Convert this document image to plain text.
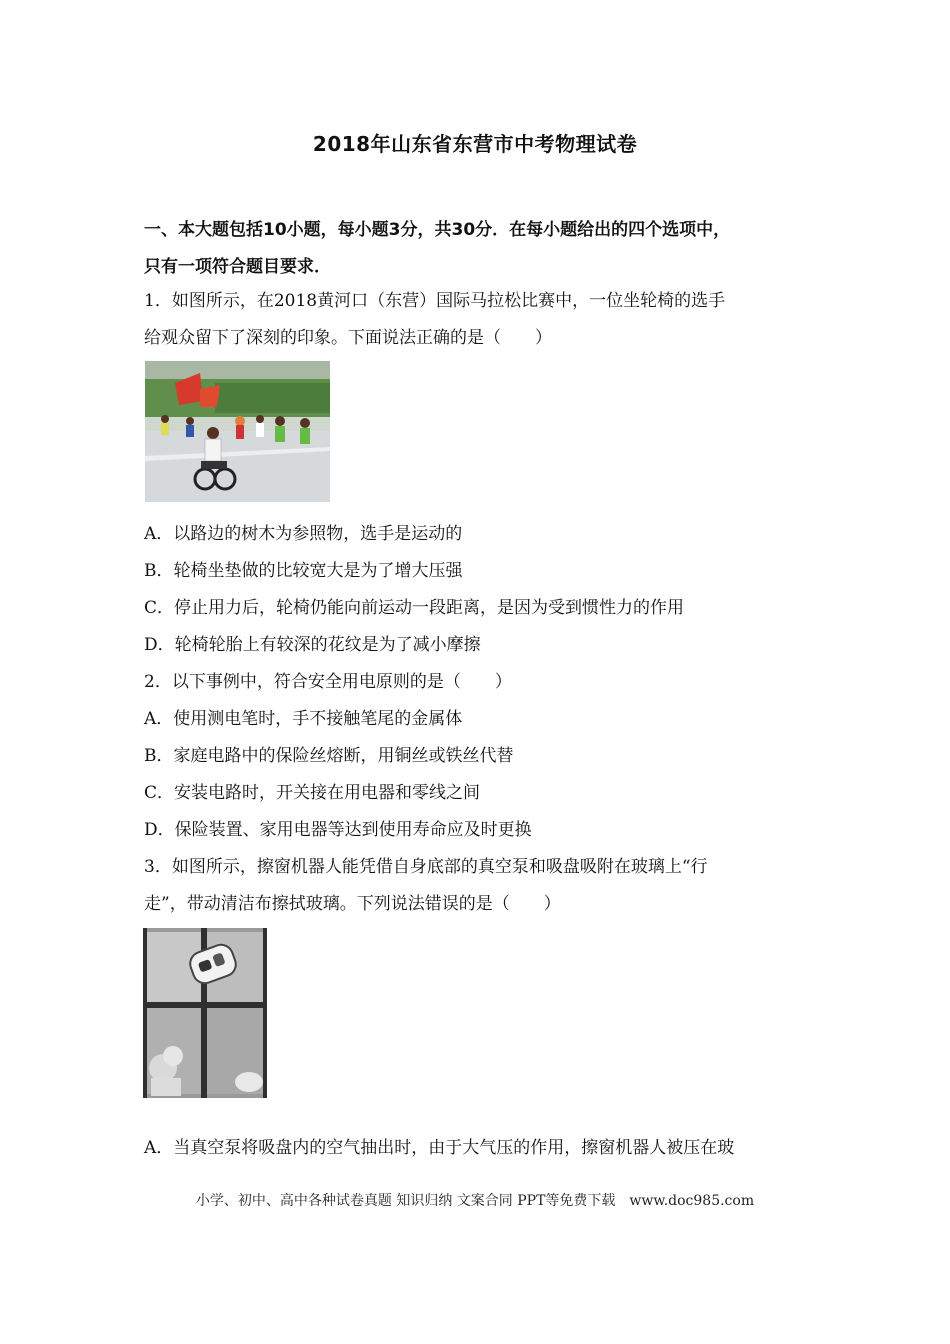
2018年山东省东营市中考物理试卷
一、本大题包括10小题，每小题3分，共30分．在每小题给出的四个选项中，
只有一项符合题目要求．
1．如图所示，在2018黄河口（东营）国际马拉松比赛中，一位坐轮椅的选手
给观众留下了深刻的印象。下面说法正确的是（　　）
A．以路边的树木为参照物，选手是运动的
B．轮椅坐垫做的比较宽大是为了增大压强
C．停止用力后，轮椅仍能向前运动一段距离，是因为受到惯性力的作用
D．轮椅轮胎上有较深的花纹是为了减小摩擦
2．以下事例中，符合安全用电原则的是（　　）
A．使用测电笔时，手不接触笔尾的金属体
B．家庭电路中的保险丝熔断，用铜丝或铁丝代替
C．安装电路时，开关接在用电器和零线之间
D．保险装置、家用电器等达到使用寿命应及时更换
3．如图所示，擦窗机器人能凭借自身底部的真空泵和吸盘吸附在玻璃上“行
走”，带动清洁布擦拭玻璃。下列说法错误的是（　　）
A．当真空泵将吸盘内的空气抽出时，由于大气压的作用，擦窗机器人被压在玻
小学、初中、高中各种试卷真题 知识归纳 文案合同 PPT等免费下载　www.doc985.com
